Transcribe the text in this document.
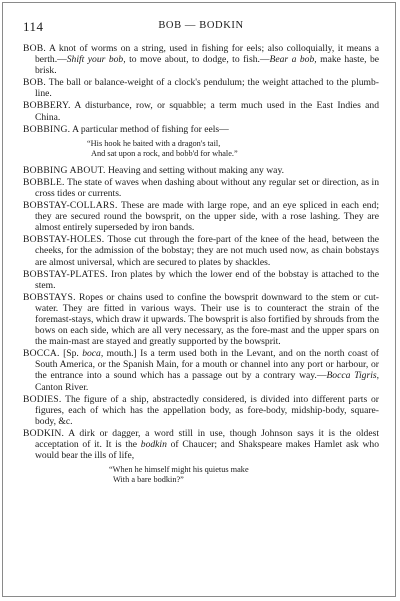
114	BOB — BODKIN

BOB. A knot of worms on a string, used in fishing for eels; also colloquially, it means a berth.—Shift your bob, to move about, to dodge, to fish.—Bear a bob, make haste, be brisk.

BOB. The ball or balance-weight of a clock's pendulum; the weight attached to the plumb-line.

BOBBERY. A disturbance, row, or squabble; a term much used in the East Indies and China.

BOBBING. A particular method of fishing for eels—

“His hook he baited with a dragon's tail,
And sat upon a rock, and bobb'd for whale.”

BOBBING ABOUT. Heaving and setting without making any way.

BOBBLE. The state of waves when dashing about without any regular set or direction, as in cross tides or currents.

BOBSTAY-COLLARS. These are made with large rope, and an eye spliced in each end; they are secured round the bowsprit, on the upper side, with a rose lashing. They are almost entirely superseded by iron bands.

BOBSTAY-HOLES. Those cut through the fore-part of the knee of the head, between the cheeks, for the admission of the bobstay; they are not much used now, as chain bobstays are almost universal, which are secured to plates by shackles.

BOBSTAY-PLATES. Iron plates by which the lower end of the bobstay is attached to the stem.

BOBSTAYS. Ropes or chains used to confine the bowsprit downward to the stem or cut-water. They are fitted in various ways. Their use is to counteract the strain of the foremast-stays, which draw it upwards. The bowsprit is also fortified by shrouds from the bows on each side, which are all very necessary, as the fore-mast and the upper spars on the main-mast are stayed and greatly supported by the bowsprit.

BOCCA. [Sp. boca, mouth.] Is a term used both in the Levant, and on the north coast of South America, or the Spanish Main, for a mouth or channel into any port or harbour, or the entrance into a sound which has a passage out by a contrary way.—Bocca Tigris, Canton River.

BODIES. The figure of a ship, abstractedly considered, is divided into different parts or figures, each of which has the appellation body, as fore-body, midship-body, square-body, &c.

BODKIN. A dirk or dagger, a word still in use, though Johnson says it is the oldest acceptation of it. It is the bodkin of Chaucer; and Shakspeare makes Hamlet ask who would bear the ills of life,

“When he himself might his quietus make
With a bare bodkin?”
